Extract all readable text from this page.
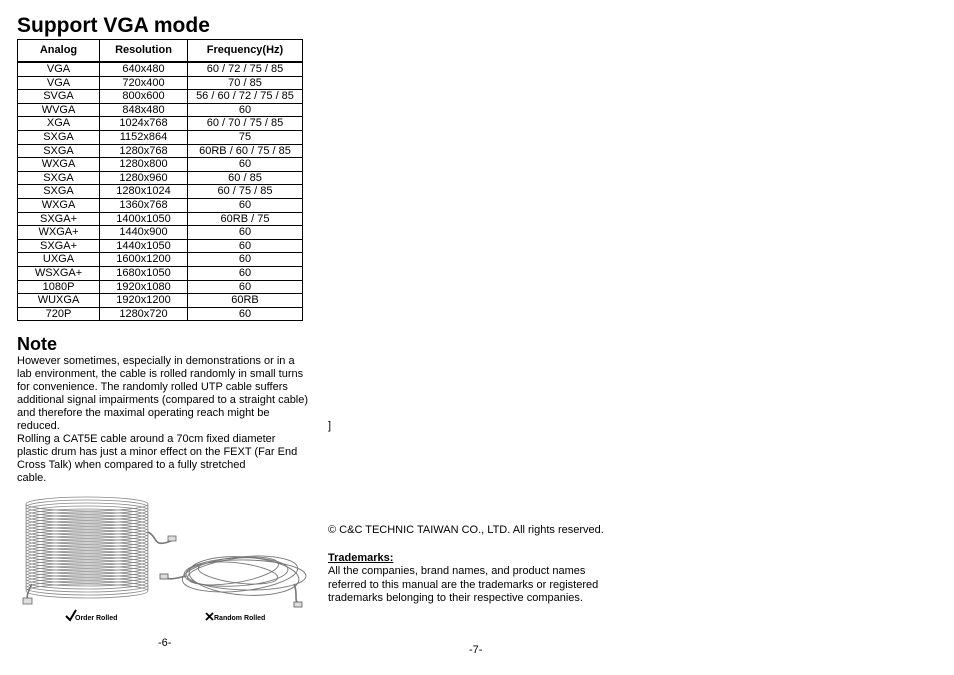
Support VGA mode
Analog	Resolution	Frequency(Hz)
VGA	640x480	60 / 72 / 75 / 85
VGA	720x400	70 / 85
SVGA	800x600	56 / 60 / 72 / 75 / 85
WVGA	848x480	60
XGA	1024x768	60 / 70 / 75 / 85
SXGA	1152x864	75
SXGA	1280x768	60RB / 60 / 75 / 85
WXGA	1280x800	60
SXGA	1280x960	60 / 85
SXGA	1280x1024	60 / 75 / 85
WXGA	1360x768	60
SXGA+	1400x1050	60RB / 75
WXGA+	1440x900	60
SXGA+	1440x1050	60
UXGA	1600x1200	60
WSXGA+	1680x1050	60
1080P	1920x1080	60
WUXGA	1920x1200	60RB
720P	1280x720	60
Note

However sometimes, especially in demonstrations or in a
lab environment, the cable is rolled randomly in small turns
for convenience. The randomly rolled UTP cable suffers
additional signal impairments (compared to a straight cable)
and therefore the maximal operating reach might be
reduced.

Rolling a CAT5E cable around a 70cm fixed diameter
plastic drum has just a minor effect on the FEXT (Far End
Cross Talk) when compared to a fully stretched
cable.

]
Order Rolled	Random Rolled
-6-
© C&C TECHNIC TAIWAN CO., LTD. All rights reserved.
Trademarks:
All the companies, brand names, and product names
referred to this manual are the trademarks or registered
trademarks belonging to their respective companies.
-7-
